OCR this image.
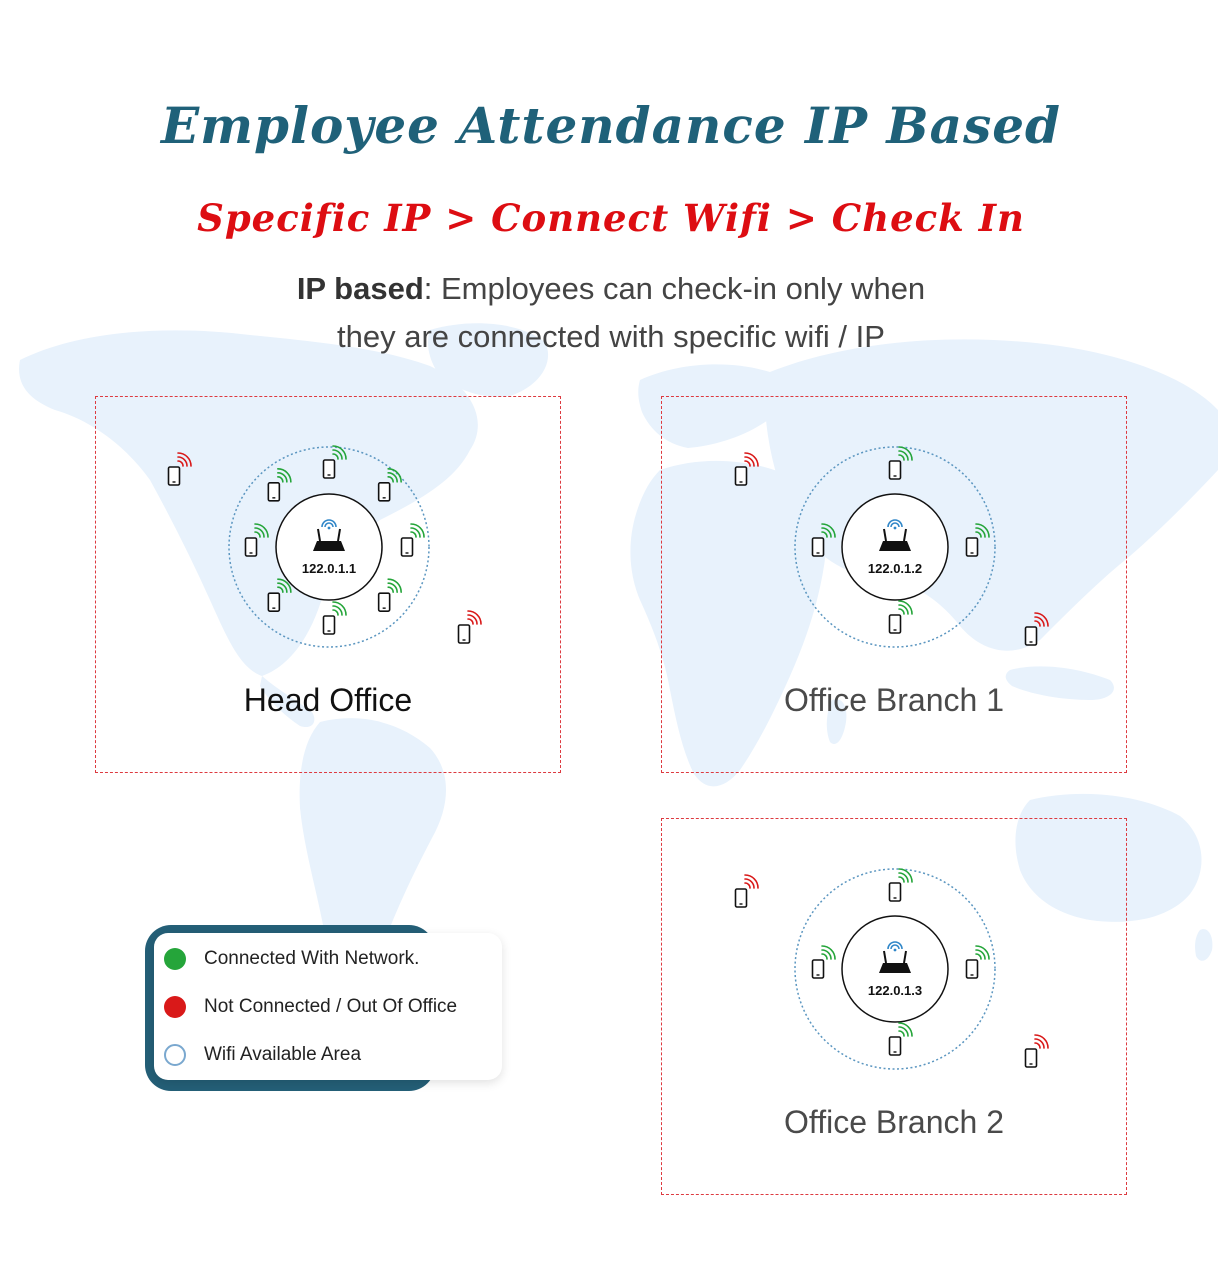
Employee Attendance IP Based
Specific IP > Connect Wifi > Check In
IP based: Employees can check-in only when
they are connected with specific wifi / IP
122.0.1.1
Head Office
122.0.1.2
Office Branch 1
122.0.1.3
Office Branch 2
Connected With Network.
Not Connected / Out Of Office
Wifi Available Area
